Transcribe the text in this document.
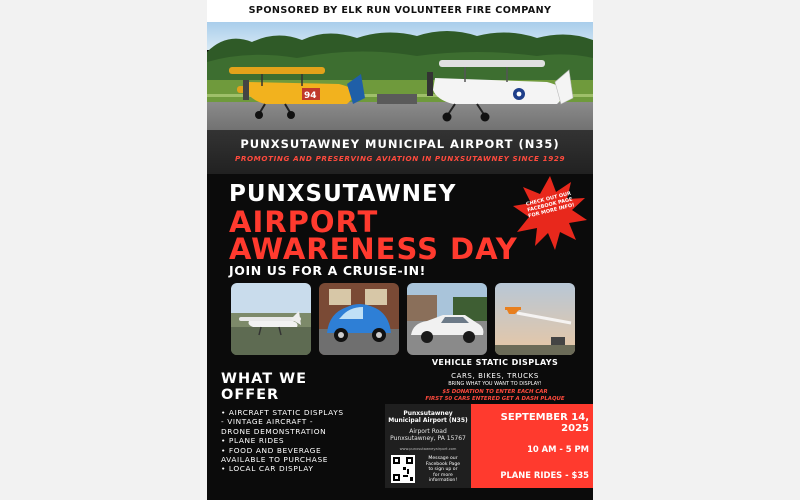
SPONSORED BY ELK RUN VOLUNTEER FIRE COMPANY
94
PUNXSUTAWNEY MUNICIPAL AIRPORT (N35)
PROMOTING AND PRESERVING AVIATION IN PUNXSUTAWNEY SINCE 1929
PUNXSUTAWNEY
AIRPORT
AWARENESS DAY
JOIN US FOR A CRUISE-IN!
CHECK OUT OUR FACEBOOK PAGE FOR MORE INFO!
VEHICLE STATIC DISPLAYS
CARS, BIKES, TRUCKS
BRING WHAT YOU WANT TO DISPLAY!
$5 DONATION TO ENTER EACH CAR
FIRST 50 CARS ENTERED GET A DASH PLAQUE
WHAT WE
OFFER
• AIRCRAFT STATIC DISPLAYS
- VINTAGE AIRCRAFT -
DRONE DEMONSTRATION
• PLANE RIDES
• FOOD AND BEVERAGE
AVAILABLE TO PURCHASE
• LOCAL CAR DISPLAY
Punxsutawney
Municipal Airport (N35)
Airport Road
Punxsutawney, PA 15767
www.punxsutawneyairport.com
Message our
Facebook Page
to sign up or
for more
information!
SEPTEMBER 14,
2025
10 AM - 5 PM
PLANE RIDES - $35
